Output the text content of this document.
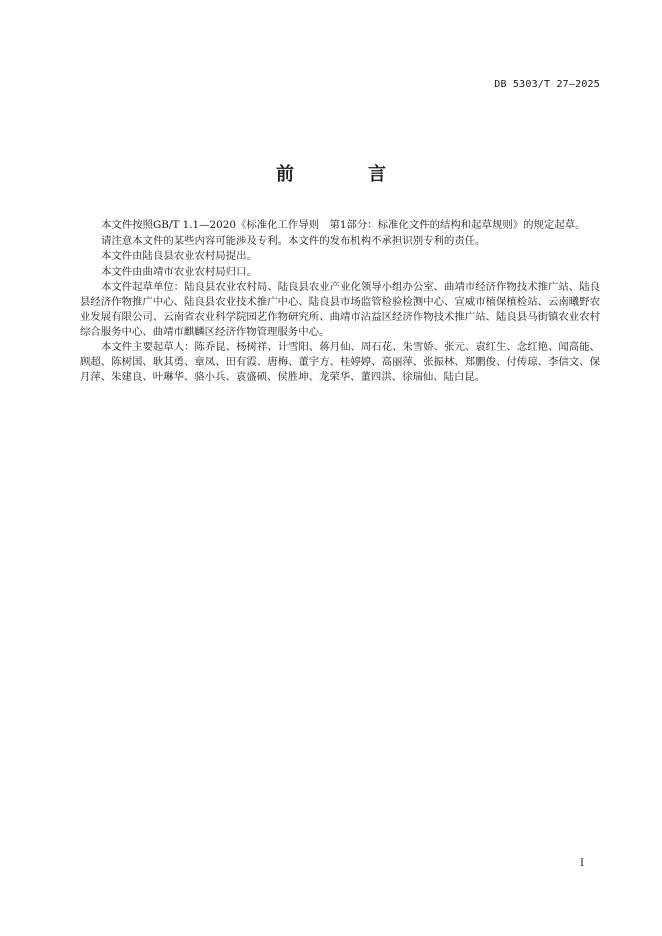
DB 5303/T 27—2025
前　言

本文件按照GB/T 1.1—2020《标准化工作导则　第1部分：标准化文件的结构和起草规则》的规定起草。

请注意本文件的某些内容可能涉及专利。本文件的发布机构不承担识别专利的责任。

本文件由陆良县农业农村局提出。

本文件由曲靖市农业农村局归口。

本文件起草单位：陆良县农业农村局、陆良县农业产业化领导小组办公室、曲靖市经济作物技术推广站、陆良县经济作物推广中心、陆良县农业技术推广中心、陆良县市场监管检验检测中心、宣威市植保植检站、云南曦野农业发展有限公司、云南省农业科学院园艺作物研究所、曲靖市沾益区经济作物技术推广站、陆良县马街镇农业农村综合服务中心、曲靖市麒麟区经济作物管理服务中心。

本文件主要起草人：陈乔昆、杨树祥、计雪阳、蒋月仙、周石花、朱雪娇、张元、袁红生、念红艳、闻高能、顾超、陈树国、耿其勇、章凤、田有霞、唐梅、董宇方、桂婷婷、高丽萍、张振林、郑鹏俊、付传琼、李信文、保月萍、朱建良、叶琳华、骆小兵、袁盛硕、侯胜坤、龙荣华、董四洪、徐瑞仙、陆白昆。

I
